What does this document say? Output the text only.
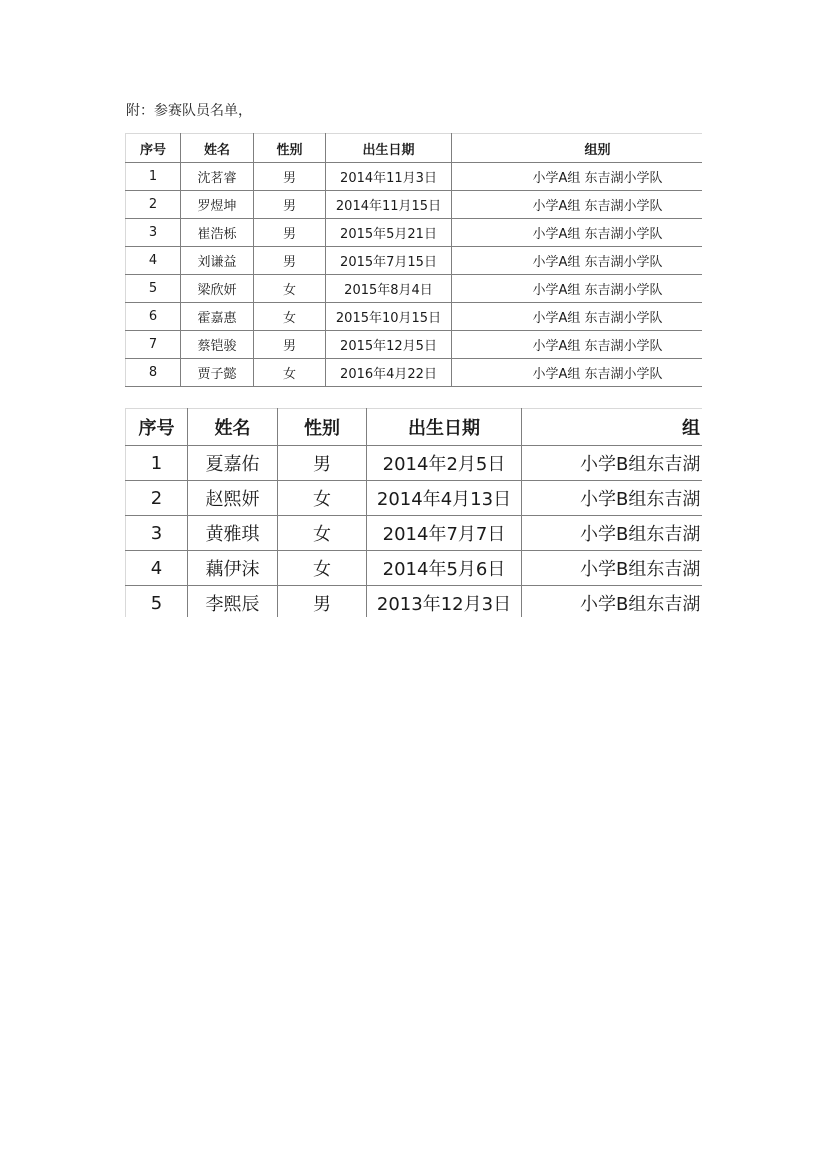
附：参赛队员名单，
序号	姓名	性别	出生日期	组别
1	沈茗睿	男	2014年11月3日	小学A组 东吉湖小学队
2	罗煜坤	男	2014年11月15日	小学A组 东吉湖小学队
3	崔浩栎	男	2015年5月21日	小学A组 东吉湖小学队
4	刘谦益	男	2015年7月15日	小学A组 东吉湖小学队
5	梁欣妍	女	2015年8月4日	小学A组 东吉湖小学队
6	霍嘉惠	女	2015年10月15日	小学A组 东吉湖小学队
7	蔡铠骏	男	2015年12月5日	小学A组 东吉湖小学队
8	贾子懿	女	2016年4月22日	小学A组 东吉湖小学队
序号	姓名	性别	出生日期	组
1	夏嘉佑	男	2014年2月5日	小学B组东吉湖
2	赵熙妍	女	2014年4月13日	小学B组东吉湖
3	黄雅琪	女	2014年7月7日	小学B组东吉湖
4	藕伊沫	女	2014年5月6日	小学B组东吉湖
5	李熙辰	男	2013年12月3日	小学B组东吉湖
